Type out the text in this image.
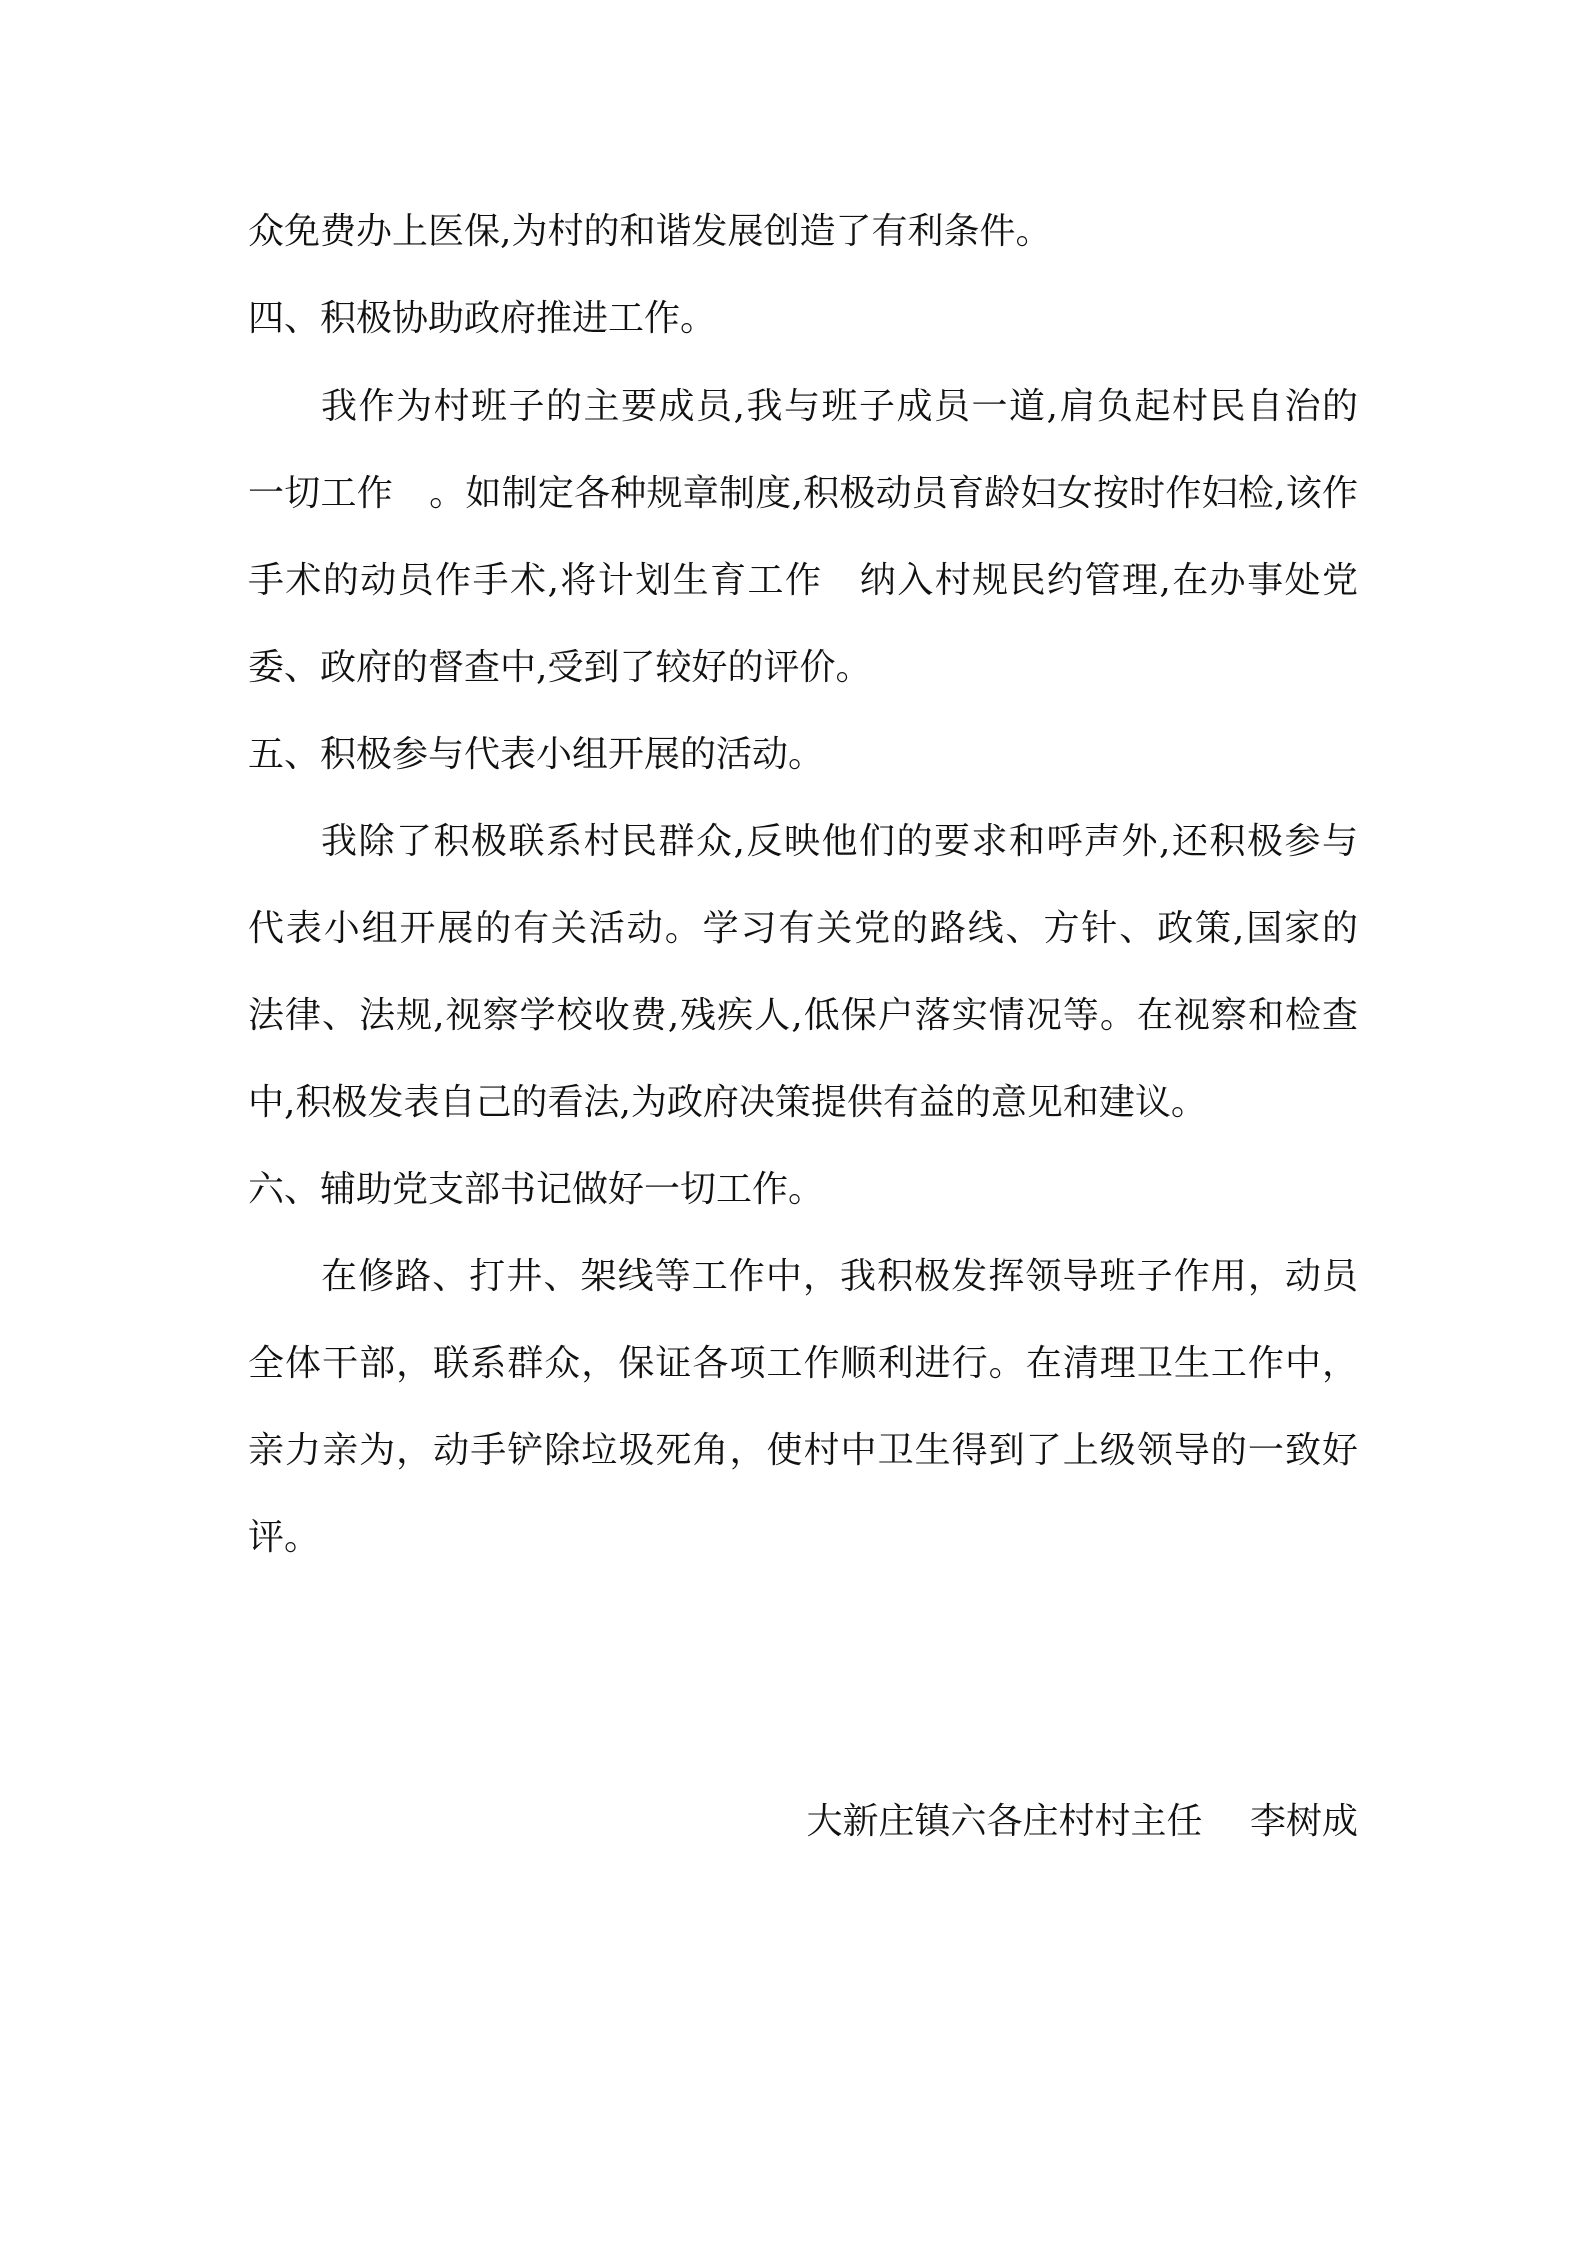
众免费办上医保,为村的和谐发展创造了有利条件。
四、积极协助政府推进工作。
我作为村班子的主要成员,我与班子成员一道,肩负起村民自治的
一切工作　。如制定各种规章制度,积极动员育龄妇女按时作妇检,该作
手术的动员作手术,将计划生育工作　纳入村规民约管理,在办事处党
委、政府的督查中,受到了较好的评价。
五、积极参与代表小组开展的活动。
我除了积极联系村民群众,反映他们的要求和呼声外,还积极参与
代表小组开展的有关活动。学习有关党的路线、方针、政策,国家的
法律、法规,视察学校收费,残疾人,低保户落实情况等。在视察和检查
中,积极发表自己的看法,为政府决策提供有益的意见和建议。
六、辅助党支部书记做好一切工作。
在修路、打井、架线等工作中，我积极发挥领导班子作用，动员
全体干部，联系群众，保证各项工作顺利进行。在清理卫生工作中，
亲力亲为，动手铲除垃圾死角，使村中卫生得到了上级领导的一致好
评。
大新庄镇六各庄村村主任　 李树成
